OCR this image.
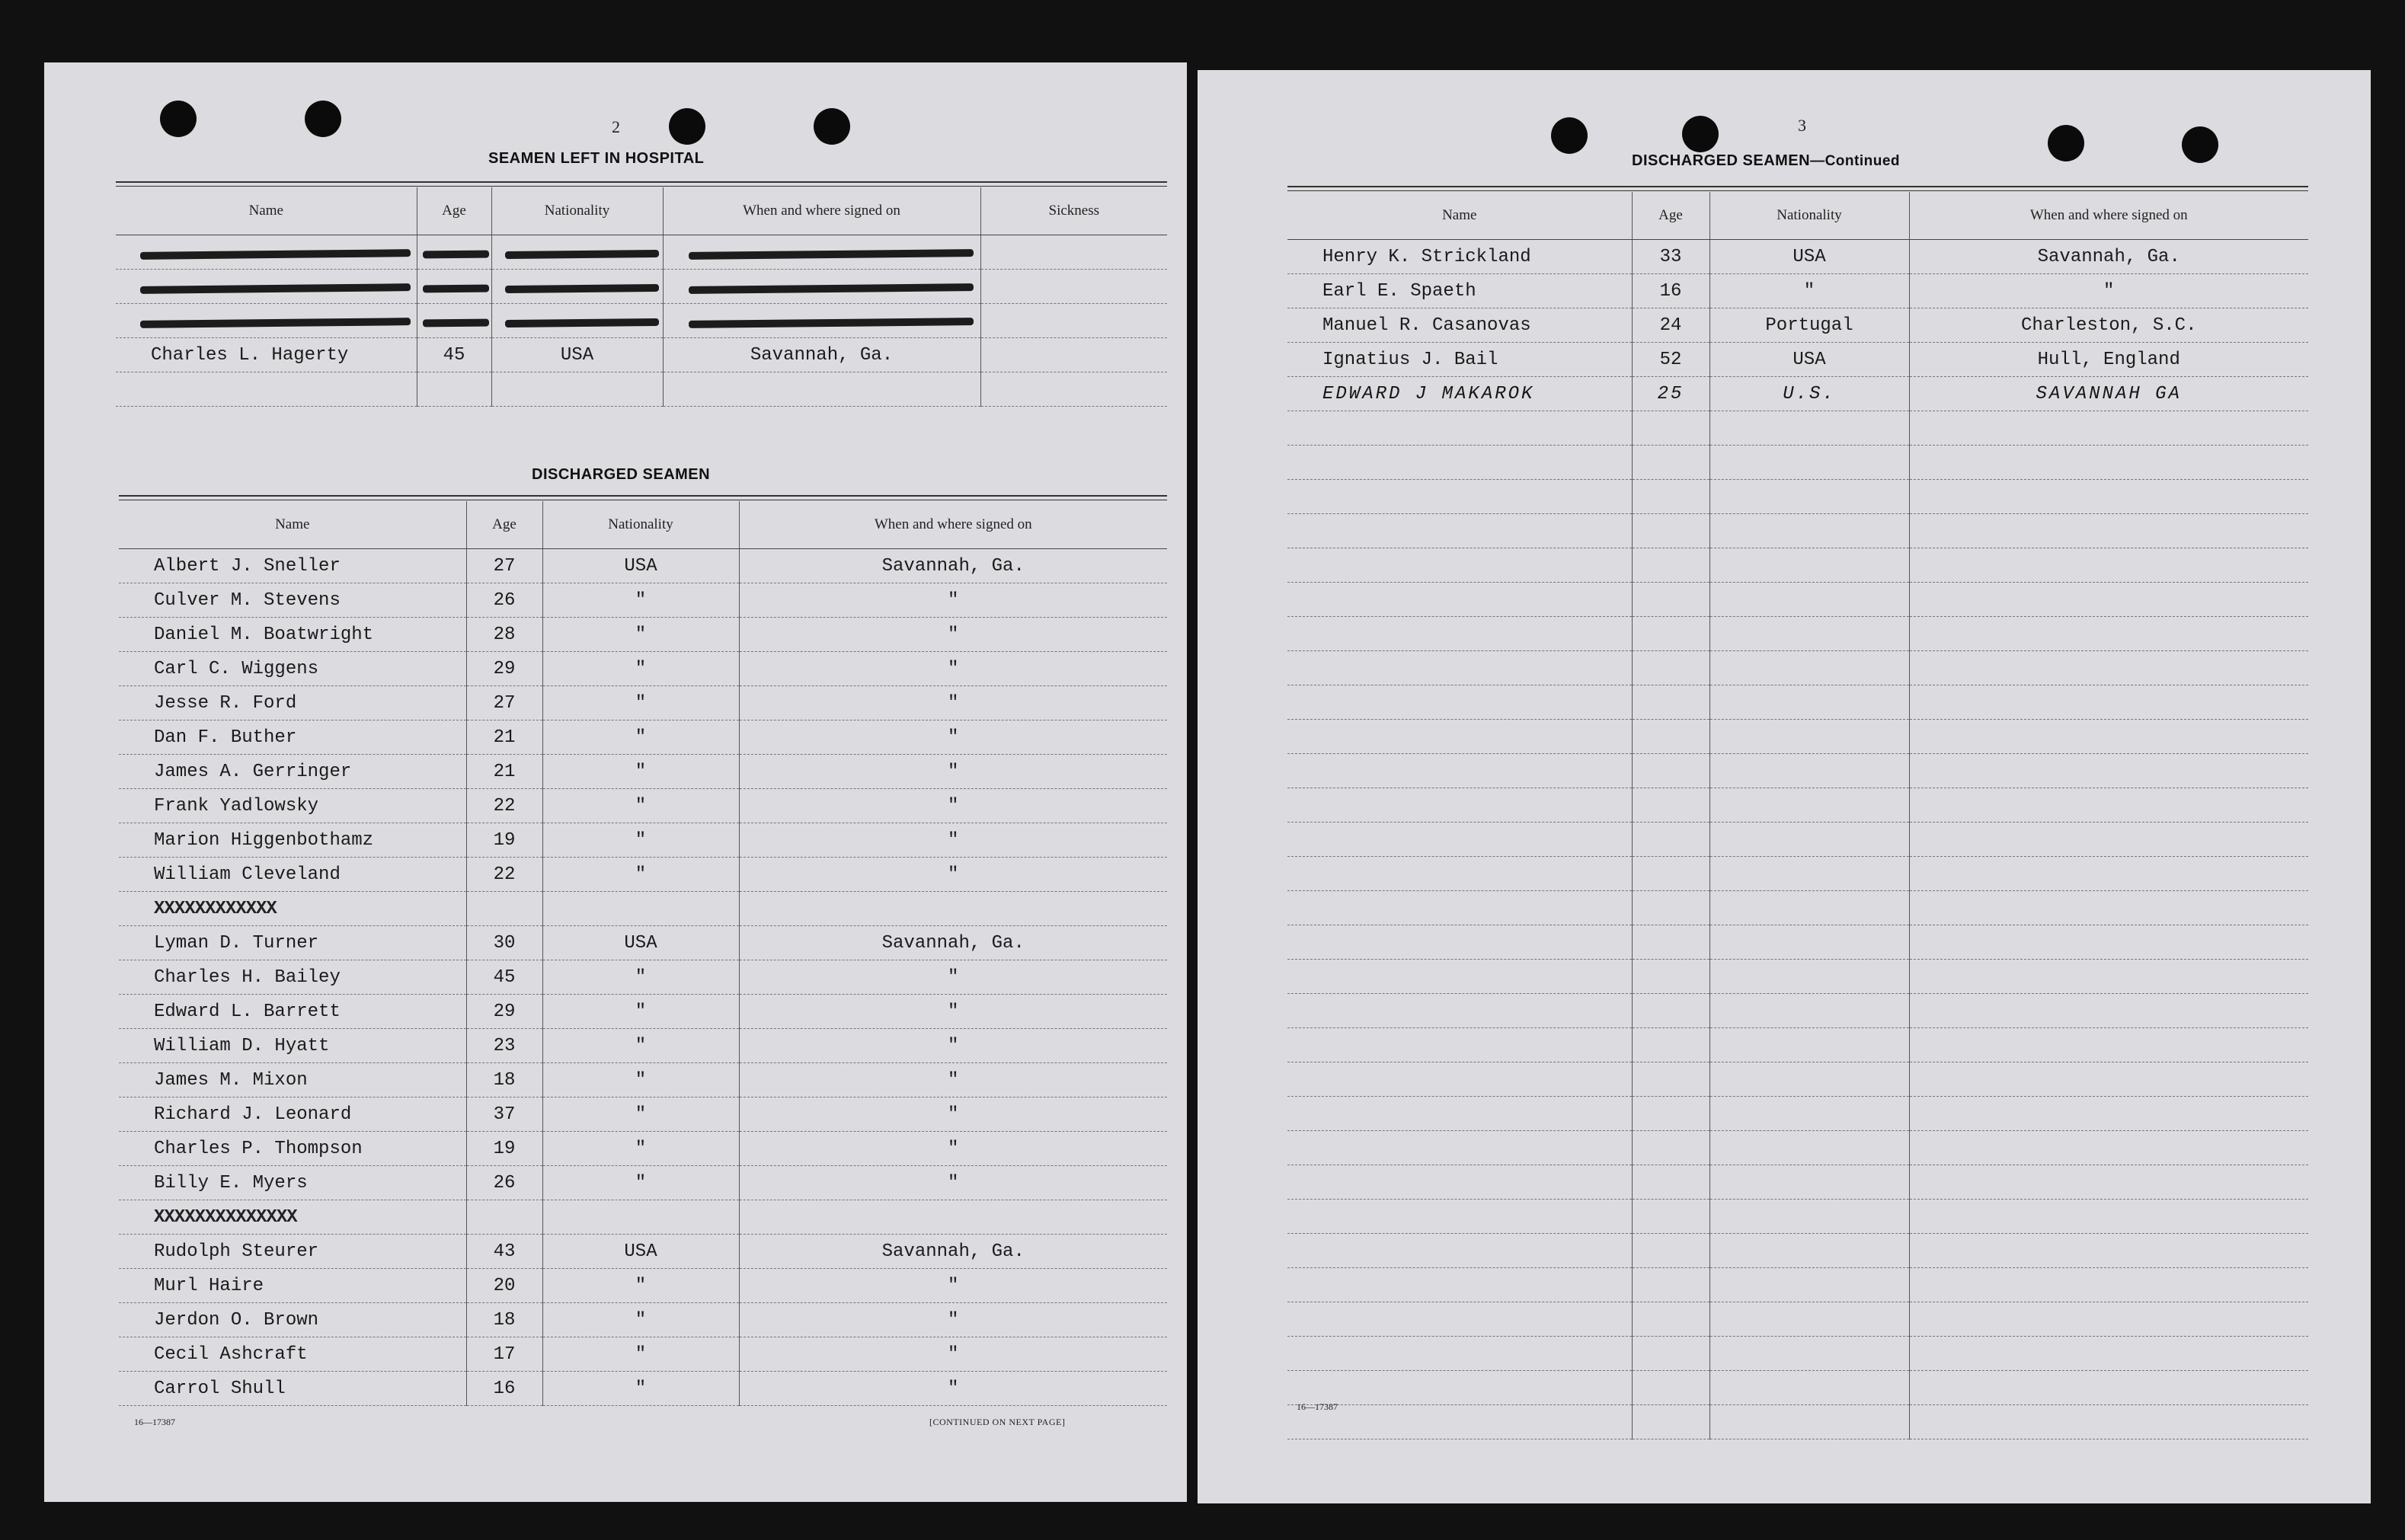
2
SEAMEN LEFT IN HOSPITAL
Name	Age	Nationality	When and where signed on	Sickness

Charles L. Hagerty	45	USA	Savannah, Ga.	

DISCHARGED SEAMEN
Name	Age	Nationality	When and where signed on
Albert J. Sneller	27	USA	Savannah, Ga.
Culver M. Stevens	26	"	"
Daniel M. Boatwright	28	"	"
Carl C. Wiggens	29	"	"
Jesse R. Ford	27	"	"
Dan F. Buther	21	"	"
James A. Gerringer	21	"	"
Frank Yadlowsky	22	"	"
Marion Higgenbothamz	19	"	"
William Cleveland	22	"	"
XXXXXXXXXXXX			
Lyman D. Turner	30	USA	Savannah, Ga.
Charles H. Bailey	45	"	"
Edward L. Barrett	29	"	"
William D. Hyatt	23	"	"
James M. Mixon	18	"	"
Richard J. Leonard	37	"	"
Charles P. Thompson	19	"	"
Billy E. Myers	26	"	"
XXXXXXXXXXXXXX			
Rudolph Steurer	43	USA	Savannah, Ga.
Murl Haire	20	"	"
Jerdon O. Brown	18	"	"
Cecil Ashcraft	17	"	"
Carrol Shull	16	"	"
16—17387	[CONTINUED ON NEXT PAGE]
3
DISCHARGED SEAMEN—Continued
Name	Age	Nationality	When and where signed on
Henry K. Strickland	33	USA	Savannah, Ga.
Earl E. Spaeth	16	"	"
Manuel R. Casanovas	24	Portugal	Charleston, S.C.
Ignatius J. Bail	52	USA	Hull, England
EDWARD J MAKAROK	25	U.S.	SAVANNAH GA

16—17387
